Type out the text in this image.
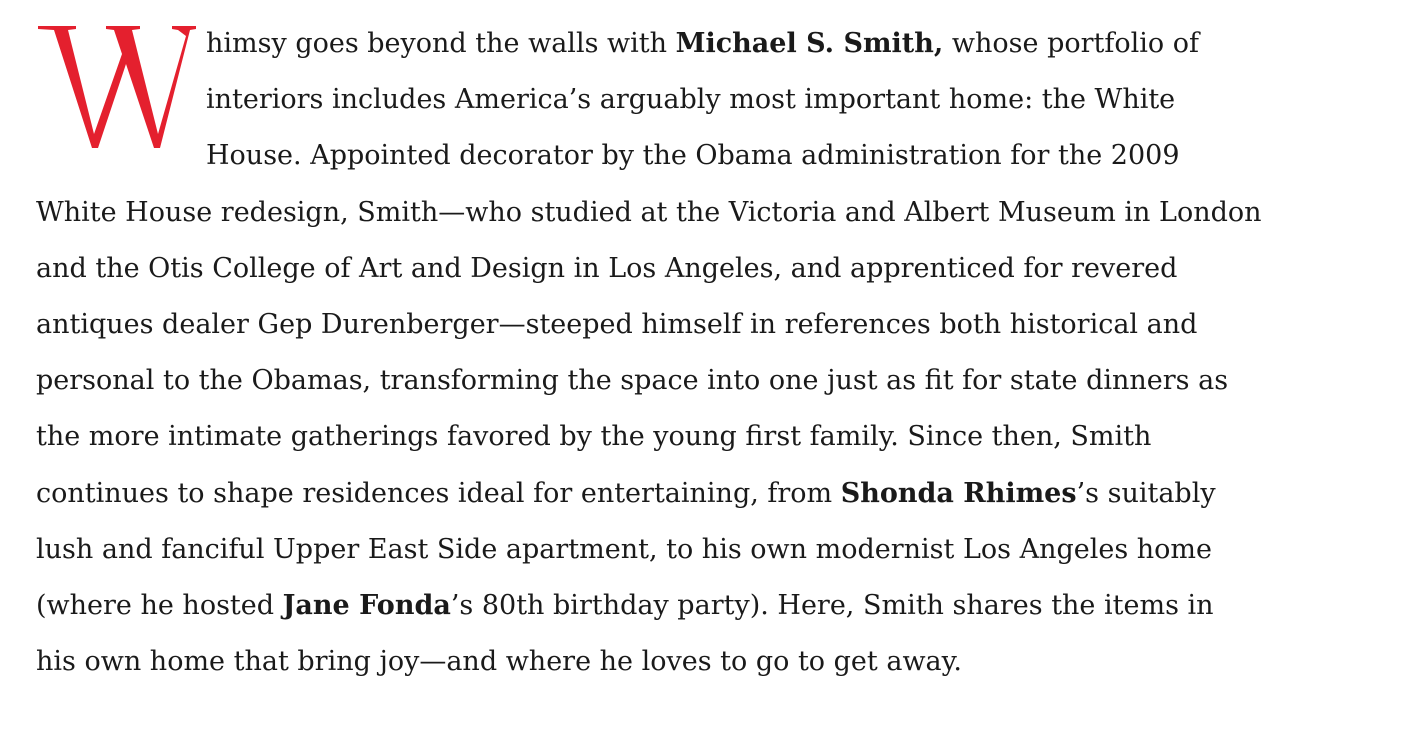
himsy goes beyond the walls with Michael S. Smith, whose portfolio of
interiors includes America’s arguably most important home: the White
House. Appointed decorator by the Obama administration for the 2009
White House redesign, Smith—who studied at the Victoria and Albert Museum in London
and the Otis College of Art and Design in Los Angeles, and apprenticed for revered
antiques dealer Gep Durenberger—steeped himself in references both historical and
personal to the Obamas, transforming the space into one just as fit for state dinners as
the more intimate gatherings favored by the young first family. Since then, Smith
continues to shape residences ideal for entertaining, from Shonda Rhimes’s suitably
lush and fanciful Upper East Side apartment, to his own modernist Los Angeles home
(where he hosted Jane Fonda’s 80th birthday party). Here, Smith shares the items in
his own home that bring joy—and where he loves to go to get away.
